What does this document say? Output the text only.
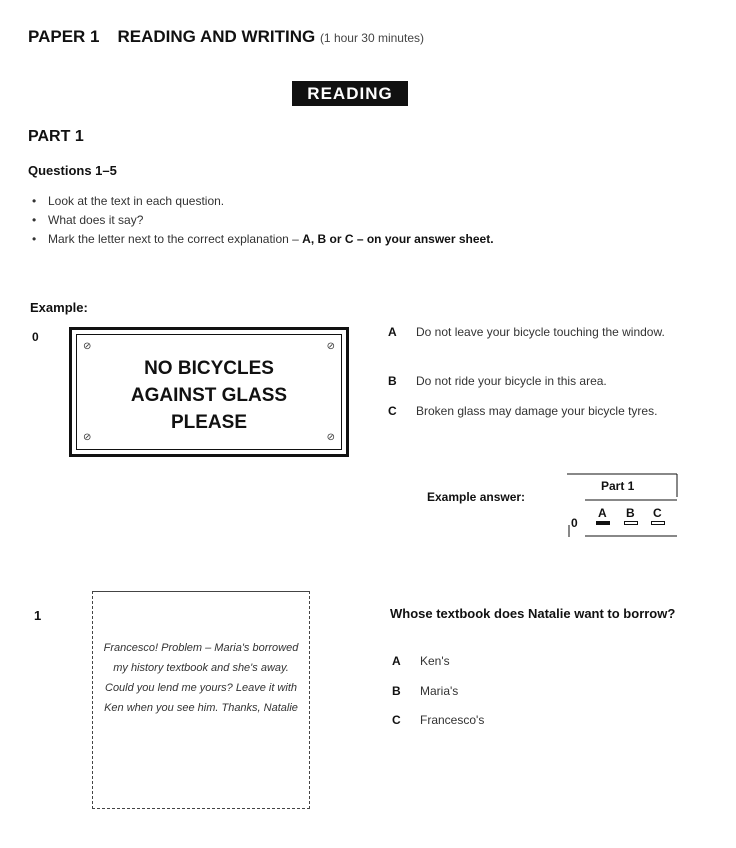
PAPER 1 READING AND WRITING (1 hour 30 minutes)
READING
PART 1
Questions 1–5
• Look at the text in each question.
• What does it say?
• Mark the letter next to the correct explanation – A, B or C – on your answer sheet.
Example:
0
⊘	⊘
⊘	⊘
NO BICYCLES
AGAINST GLASS
PLEASE
A	Do not leave your bicycle touching the window.
B	Do not ride your bicycle in this area.
C	Broken glass may damage your bicycle tyres.
Example answer:
Part 1
0
A B C
1
Francesco! Problem – Maria's borrowed my history textbook and she's away. Could you lend me yours? Leave it with Ken when you see him. Thanks, Natalie
Whose textbook does Natalie want to borrow?
A	Ken's
B	Maria's
C	Francesco's
